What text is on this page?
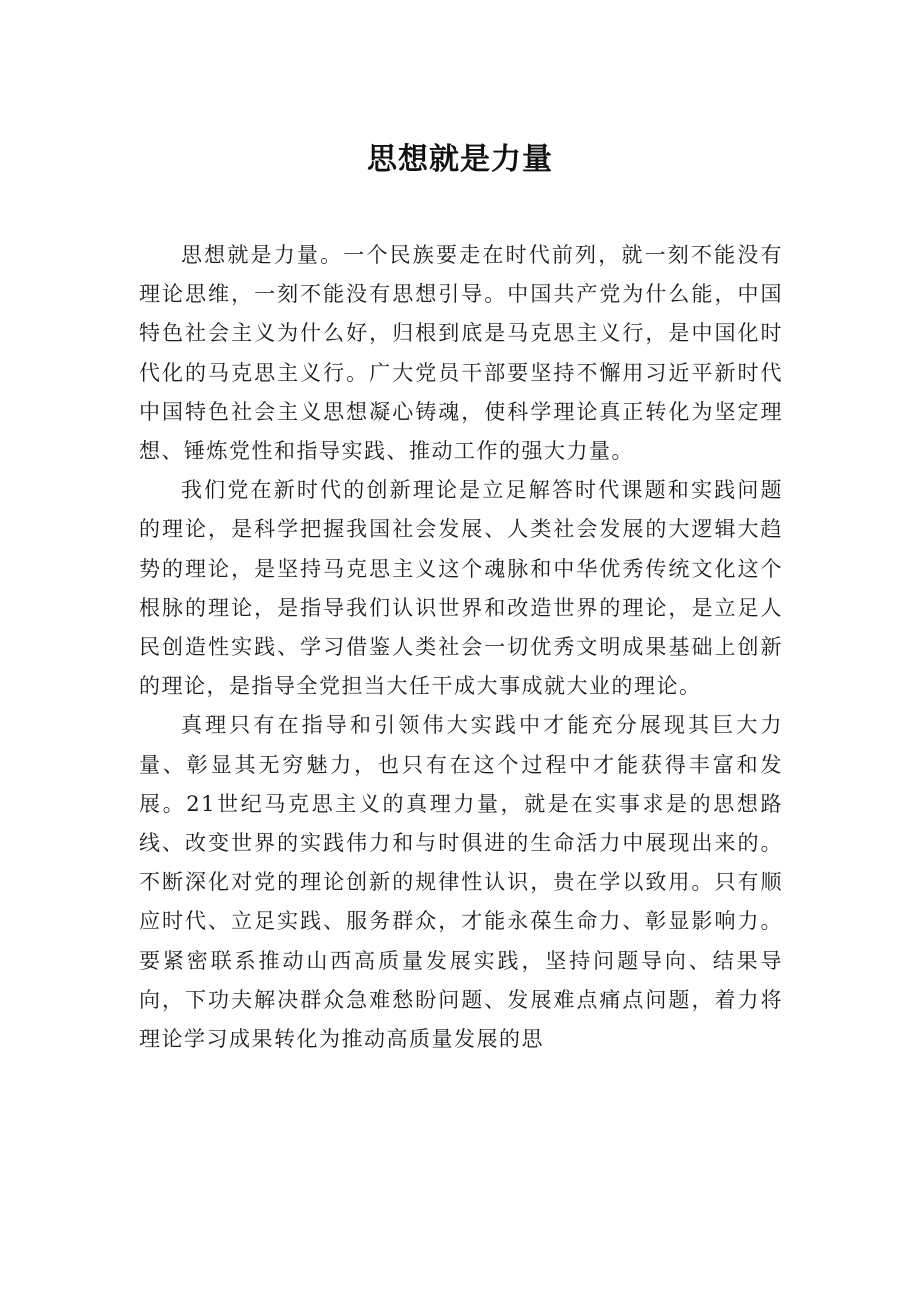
思想就是力量

思想就是力量。一个民族要走在时代前列，就一刻不能没有理论思维，一刻不能没有思想引导。中国共产党为什么能，中国特色社会主义为什么好，归根到底是马克思主义行，是中国化时代化的马克思主义行。广大党员干部要坚持不懈用习近平新时代中国特色社会主义思想凝心铸魂，使科学理论真正转化为坚定理想、锤炼党性和指导实践、推动工作的强大力量。

我们党在新时代的创新理论是立足解答时代课题和实践问题的理论，是科学把握我国社会发展、人类社会发展的大逻辑大趋势的理论，是坚持马克思主义这个魂脉和中华优秀传统文化这个根脉的理论，是指导我们认识世界和改造世界的理论，是立足人民创造性实践、学习借鉴人类社会一切优秀文明成果基础上创新的理论，是指导全党担当大任干成大事成就大业的理论。

真理只有在指导和引领伟大实践中才能充分展现其巨大力量、彰显其无穷魅力，也只有在这个过程中才能获得丰富和发展。21世纪马克思主义的真理力量，就是在实事求是的思想路线、改变世界的实践伟力和与时俱进的生命活力中展现出来的。不断深化对党的理论创新的规律性认识，贵在学以致用。只有顺应时代、立足实践、服务群众，才能永葆生命力、彰显影响力。要紧密联系推动山西高质量发展实践，坚持问题导向、结果导向，下功夫解决群众急难愁盼问题、发展难点痛点问题，着力将理论学习成果转化为推动高质量发展的思
